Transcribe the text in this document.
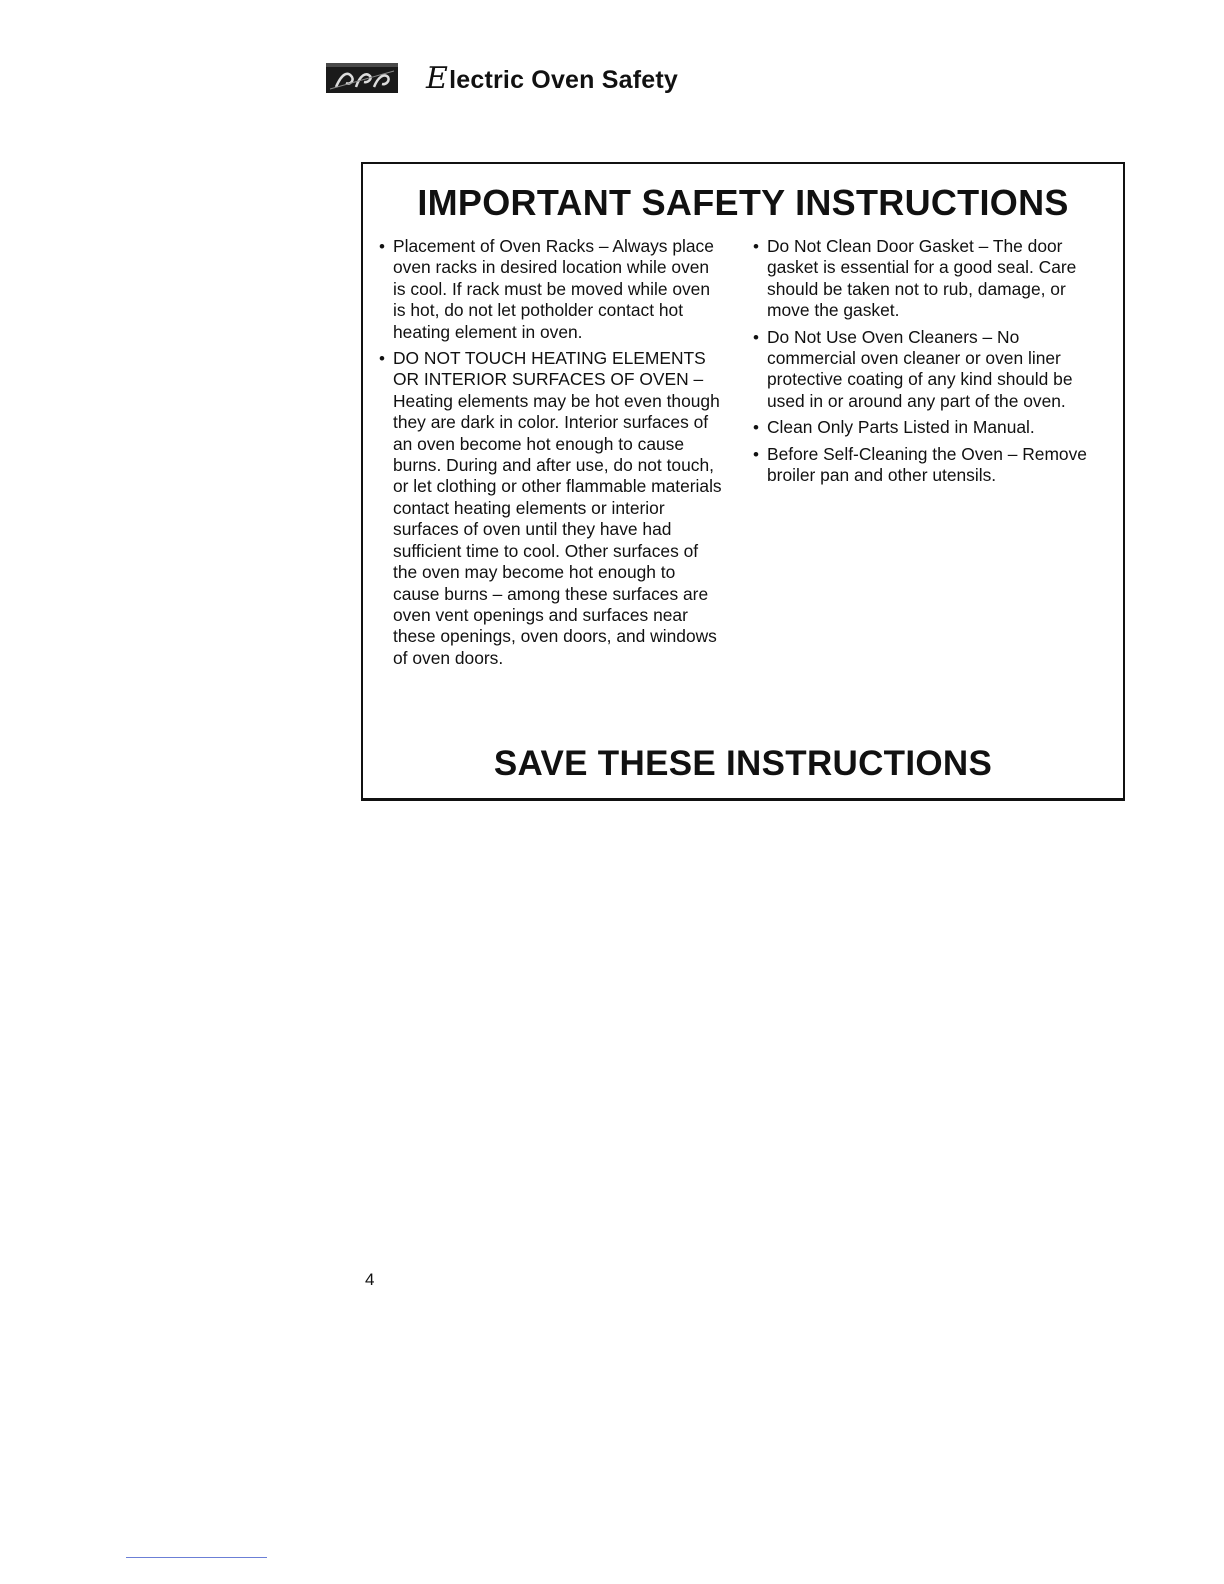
Electric Oven Safety
IMPORTANT SAFETY INSTRUCTIONS
• Placement of Oven Racks – Always place oven racks in desired location while oven is cool. If rack must be moved while oven is hot, do not let potholder contact hot heating element in oven.
• DO NOT TOUCH HEATING ELEMENTS OR INTERIOR SURFACES OF OVEN – Heating elements may be hot even though they are dark in color. Interior surfaces of an oven become hot enough to cause burns. During and after use, do not touch, or let clothing or other flammable materials contact heating elements or interior surfaces of oven until they have had sufficient time to cool. Other surfaces of the oven may become hot enough to cause burns – among these surfaces are oven vent openings and surfaces near these openings, oven doors, and windows of oven doors.
• Do Not Clean Door Gasket – The door gasket is essential for a good seal. Care should be taken not to rub, damage, or move the gasket.
• Do Not Use Oven Cleaners – No commercial oven cleaner or oven liner protective coating of any kind should be used in or around any part of the oven.
• Clean Only Parts Listed in Manual.
• Before Self-Cleaning the Oven – Remove broiler pan and other utensils.
SAVE THESE INSTRUCTIONS
4
